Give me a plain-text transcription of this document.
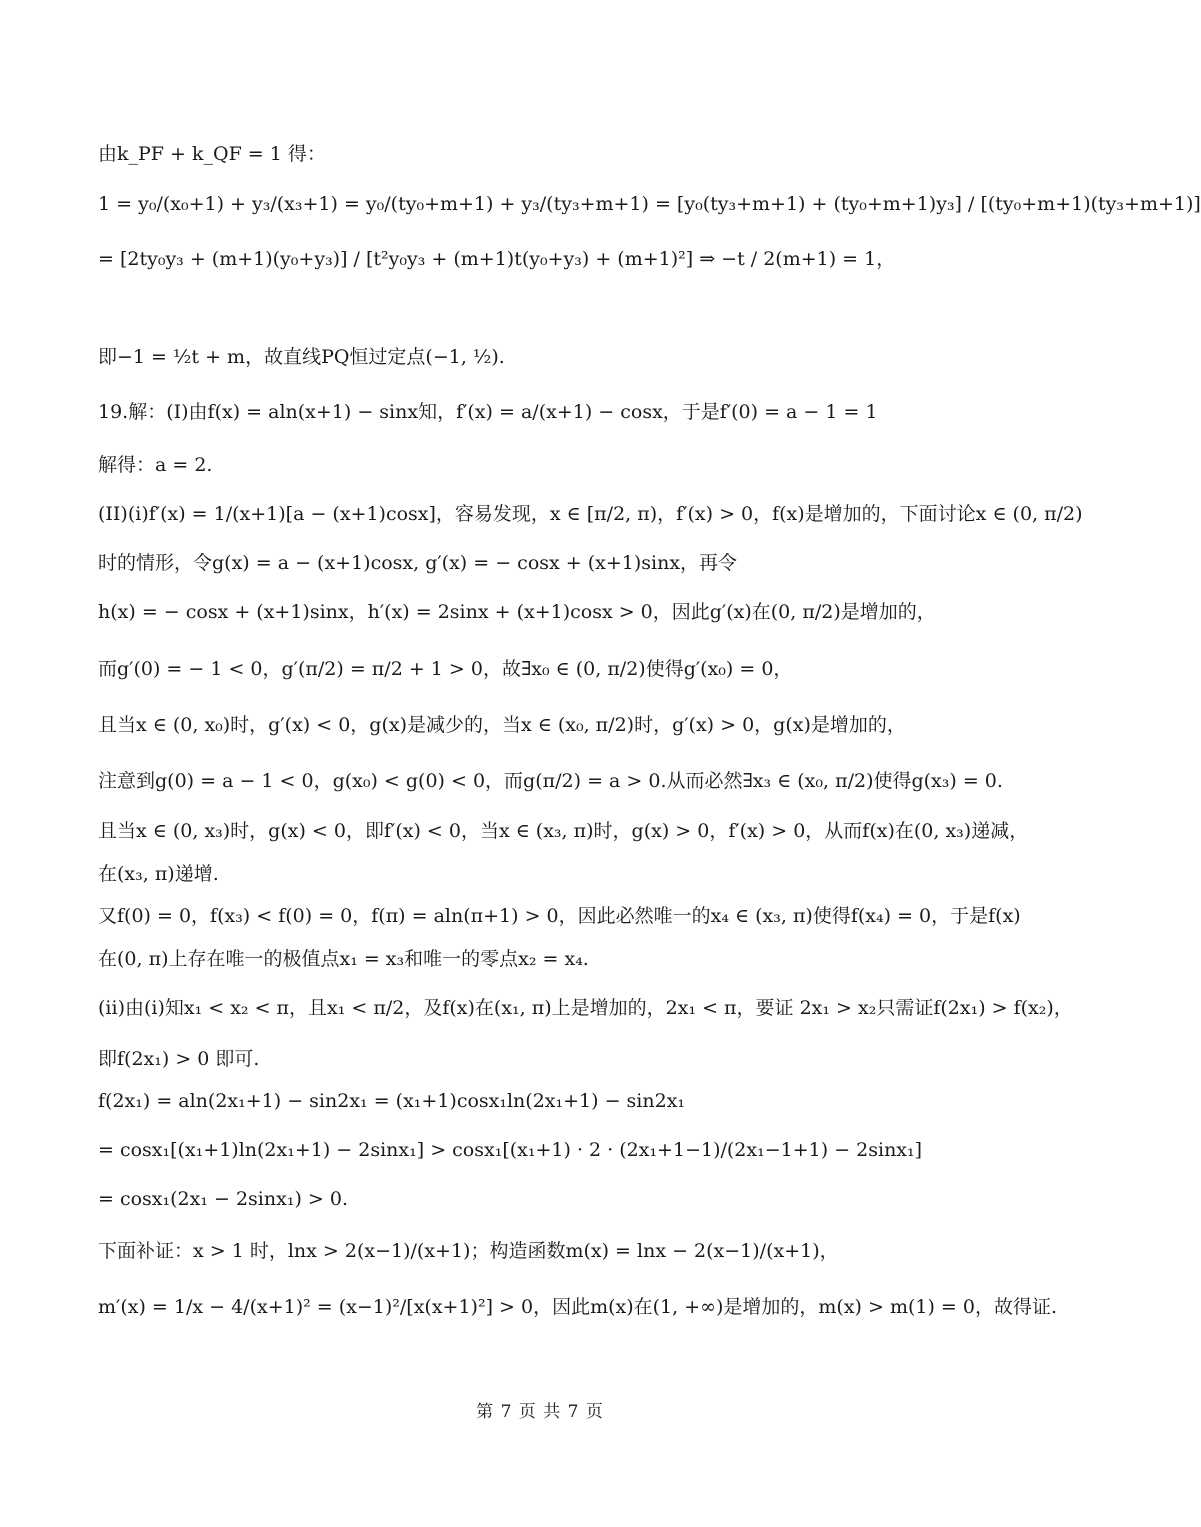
由k_PF + k_QF = 1 得：
1 = y₀/(x₀+1) + y₃/(x₃+1) = y₀/(ty₀+m+1) + y₃/(ty₃+m+1) = [y₀(ty₃+m+1) + (ty₀+m+1)y₃] / [(ty₀+m+1)(ty₃+m+1)]
= [2ty₀y₃ + (m+1)(y₀+y₃)] / [t²y₀y₃ + (m+1)t(y₀+y₃) + (m+1)²] ⇒ −t / 2(m+1) = 1，
即−1 = ½t + m，故直线PQ恒过定点(−1, ½).
19.解：(I)由f(x) = aln(x+1) − sinx知，f′(x) = a/(x+1) − cosx，于是f′(0) = a − 1 = 1
解得：a = 2.
(II)(i)f′(x) = 1/(x+1)[a − (x+1)cosx]，容易发现，x ∈ [π/2, π)，f′(x) > 0，f(x)是增加的，下面讨论x ∈ (0, π/2)
时的情形，令g(x) = a − (x+1)cosx, g′(x) = − cosx + (x+1)sinx，再令
h(x) = − cosx + (x+1)sinx，h′(x) = 2sinx + (x+1)cosx > 0，因此g′(x)在(0, π/2)是增加的，
而g′(0) = − 1 < 0，g′(π/2) = π/2 + 1 > 0，故∃x₀ ∈ (0, π/2)使得g′(x₀) = 0，
且当x ∈ (0, x₀)时，g′(x) < 0，g(x)是减少的，当x ∈ (x₀, π/2)时，g′(x) > 0，g(x)是增加的，
注意到g(0) = a − 1 < 0，g(x₀) < g(0) < 0，而g(π/2) = a > 0.从而必然∃x₃ ∈ (x₀, π/2)使得g(x₃) = 0.
且当x ∈ (0, x₃)时，g(x) < 0，即f′(x) < 0，当x ∈ (x₃, π)时，g(x) > 0，f′(x) > 0，从而f(x)在(0, x₃)递减，
在(x₃, π)递增.
又f(0) = 0，f(x₃) < f(0) = 0，f(π) = aln(π+1) > 0，因此必然唯一的x₄ ∈ (x₃, π)使得f(x₄) = 0，于是f(x)
在(0, π)上存在唯一的极值点x₁ = x₃和唯一的零点x₂ = x₄.
(ii)由(i)知x₁ < x₂ < π，且x₁ < π/2，及f(x)在(x₁, π)上是增加的，2x₁ < π，要证 2x₁ > x₂只需证f(2x₁) > f(x₂)，
即f(2x₁) > 0 即可.
f(2x₁) = aln(2x₁+1) − sin2x₁ = (x₁+1)cosx₁ln(2x₁+1) − sin2x₁
= cosx₁[(x₁+1)ln(2x₁+1) − 2sinx₁] > cosx₁[(x₁+1) · 2 · (2x₁+1−1)/(2x₁−1+1) − 2sinx₁]
= cosx₁(2x₁ − 2sinx₁) > 0.
下面补证：x > 1 时，lnx > 2(x−1)/(x+1)；构造函数m(x) = lnx − 2(x−1)/(x+1)，
m′(x) = 1/x − 4/(x+1)² = (x−1)²/[x(x+1)²] > 0，因此m(x)在(1, +∞)是增加的，m(x) > m(1) = 0，故得证.
第 7 页 共 7 页
